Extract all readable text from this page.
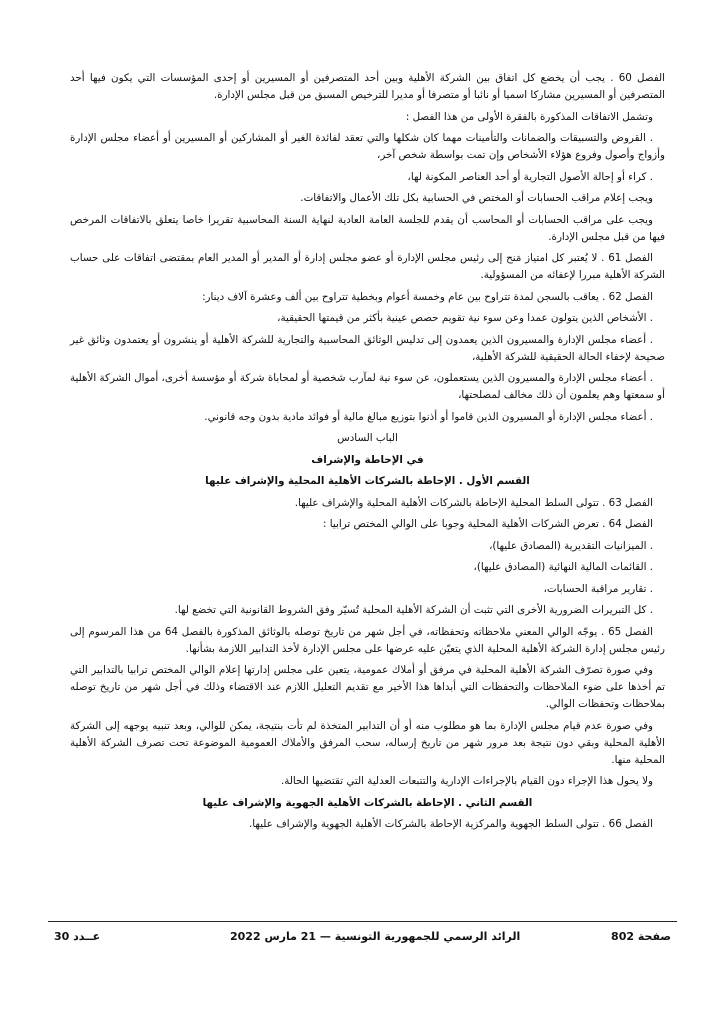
الفصل 60 . يجب أن يخضع كل اتفاق بين الشركة الأهلية وبين أحد المتصرفين أو المسيرين أو إحدى المؤسسات التي يكون فيها أحد المتصرفين أو المسيرين مشاركا اسميا أو نائبا أو متصرفا أو مديرا للترخيص المسبق من قبل مجلس الإدارة.

وتشمل الاتفاقات المذكورة بالفقرة الأولى من هذا الفصل :

. القروض والتسبيقات والضمانات والتأمينات مهما كان شكلها والتي تعقد لفائدة الغير أو المشاركين أو المسيرين أو أعضاء مجلس الإدارة وأزواج وأصول وفروع هؤلاء الأشخاص وإن تمت بواسطة شخص آخر،

. كراء أو إحالة الأصول التجارية أو أحد العناصر المكونة لها،

ويجب إعلام مراقب الحسابات أو المختص في الحسابية بكل تلك الأعمال والاتفاقات.

ويجب على مراقب الحسابات أو المحاسب أن يقدم للجلسة العامة العادية لنهاية السنة المحاسبية تقريرا خاصا يتعلق بالاتفاقات المرخص فيها من قبل مجلس الإدارة.

الفصل 61 . لا يُعتبر كل امتياز مَنح إلى رئيس مجلس الإدارة أو عضو مجلس إدارة أو المدير أو المدير العام بمقتضى اتفاقات على حساب الشركة الأهلية مبررا لإعفائه من المسؤولية.

الفصل 62 . يعاقب بالسجن لمدة تتراوح بين عام وخمسة أعوام وبخطية تتراوح بين ألف وعشرة آلاف دينار:

. الأشخاص الذين يتولون عمدا وعن سوء نية تقويم حصص عينية بأكثر من قيمتها الحقيقية،

. أعضاء مجلس الإدارة والمسيرون الذين يعمدون إلى تدليس الوثائق المحاسبية والتجارية للشركة الأهلية أو ينشرون أو يعتمدون وثائق غير صحيحة لإخفاء الحالة الحقيقية للشركة الأهلية،

. أعضاء مجلس الإدارة والمسيرون الذين يستعملون، عن سوء نية لمآرب شخصية أو لمحاباة شركة أو مؤسسة أخرى، أموال الشركة الأهلية أو سمعتها وهم يعلمون أن ذلك مخالف لمصلحتها،

. أعضاء مجلس الإدارة أو المسيرون الذين قاموا أو أذنوا بتوزيع مبالغ مالية أو فوائد مادية بدون وجه قانوني.

الباب السادس

في الإحاطة والإشراف

القسم الأول . الإحاطة بالشركات الأهلية المحلية والإشراف عليها

الفصل 63 . تتولى السلط المحلية الإحاطة بالشركات الأهلية المحلية والإشراف عليها.

الفصل 64 . تعرض الشركات الأهلية المحلية وجوبا على الوالي المختص ترابيا :

. الميزانيات التقديرية (المصادق عليها)،

. القائمات المالية النهائية (المصادق عليها)،

. تقارير مراقبة الحسابات،

. كل التبريرات الضرورية الأخرى التي تثبت أن الشركة الأهلية المحلية تُسيّر وفق الشروط القانونية التي تخضع لها.

الفصل 65 . يوجّه الوالي المعني ملاحظاته وتحفظاته، في أجل شهر من تاريخ توصله بالوثائق المذكورة بالفصل 64 من هذا المرسوم إلى رئيس مجلس إدارة الشركة الأهلية المحلية الذي يتعيّن عليه عرضها على مجلس الإدارة لأخذ التدابير اللازمة بشأنها.

وفي صورة تصرّف الشركة الأهلية المحلية في مرفق أو أملاك عمومية، يتعين على مجلس إدارتها إعلام الوالي المختص ترابيا بالتدابير التي تم أخذها على ضوء الملاحظات والتحفظات التي أبداها هذا الأخير مع تقديم التعليل اللازم عند الاقتضاء وذلك في أجل شهر من تاريخ توصله بملاحظات وتحفظات الوالي.

وفي صورة عدم قيام مجلس الإدارة بما هو مطلوب منه أو أن التدابير المتخذة لم تأت بنتيجة، يمكن للوالي، وبعد تنبيه يوجهه إلى الشركة الأهلية المحلية وبقي دون نتيجة بعد مرور شهر من تاريخ إرساله، سحب المرفق والأملاك العمومية الموضوعة تحت تصرف الشركة الأهلية المحلية منها.

ولا يحول هذا الإجراء دون القيام بالإجراءات الإدارية والتتبعات العدلية التي تقتضيها الحالة.

القسم الثاني . الإحاطة بالشركات الأهلية الجهوية والإشراف عليها

الفصل 66 . تتولى السلط الجهوية والمركزية الإحاطة بالشركات الأهلية الجهوية والإشراف عليها.

صفحة 802
الرائد الرسمي للجمهورية التونسية — 21 مارس 2022
عــدد 30
